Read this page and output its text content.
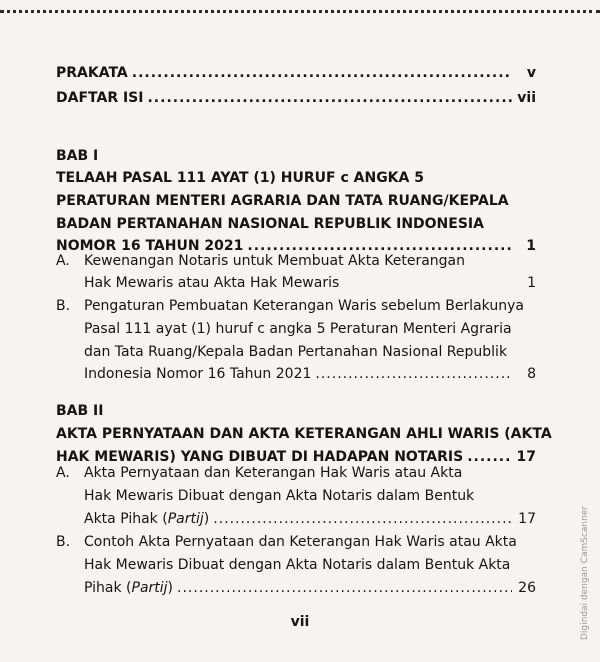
PRAKATA .....	v
DAFTAR ISI .....	vii
BAB I
TELAAH PASAL 111 AYAT (1) HURUF c ANGKA 5
PERATURAN MENTERI AGRARIA DAN TATA RUANG/KEPALA
BADAN PERTANAHAN NASIONAL REPUBLIK INDONESIA
NOMOR 16 TAHUN 2021 .....	1
A. Kewenangan Notaris untuk Membuat Akta Keterangan
Hak Mewaris atau Akta Hak Mewaris	1
B. Pengaturan Pembuatan Keterangan Waris sebelum Berlakunya
Pasal 111 ayat (1) huruf c angka 5 Peraturan Menteri Agraria
dan Tata Ruang/Kepala Badan Pertanahan Nasional Republik
Indonesia Nomor 16 Tahun 2021 .....	8
BAB II
AKTA PERNYATAAN DAN AKTA KETERANGAN AHLI WARIS (AKTA
HAK MEWARIS) YANG DIBUAT DI HADAPAN NOTARIS .....	17
A. Akta Pernyataan dan Keterangan Hak Waris atau Akta
Hak Mewaris Dibuat dengan Akta Notaris dalam Bentuk
Akta Pihak (Partij) .....	17
B. Contoh Akta Pernyataan dan Keterangan Hak Waris atau Akta
Hak Mewaris Dibuat dengan Akta Notaris dalam Bentuk Akta
Pihak (Partij) .....	26
vii	Digindai dengan CamScanner
